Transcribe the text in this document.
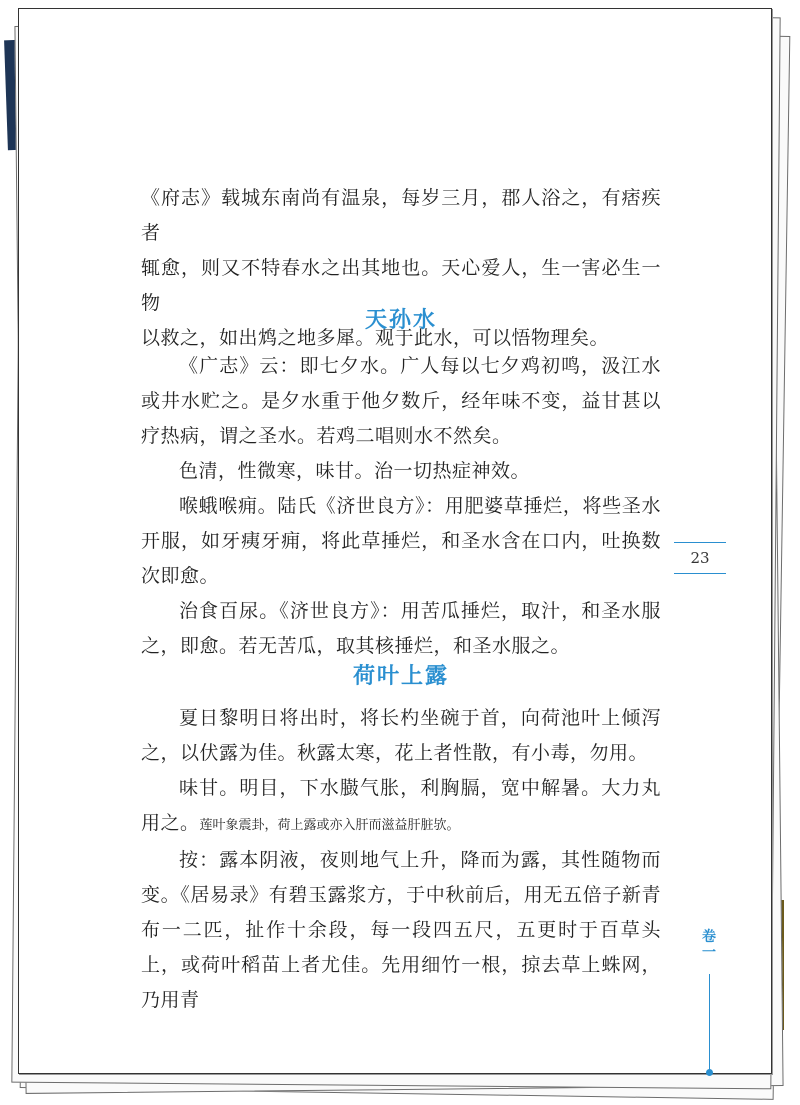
《府志》载城东南尚有温泉，每岁三月，郡人浴之，有痞疾者

辄愈，则又不特春水之出其地也。天心爱人，生一害必生一物

以救之，如出鸩之地多犀。观于此水，可以悟物理矣。

天孙水

《广志》云：即七夕水。广人每以七夕鸡初鸣，汲江水或井水贮之。是夕水重于他夕数斤，经年味不变，益甘甚以疗热病，谓之圣水。若鸡二唱则水不然矣。

色清，性微寒，味甘。治一切热症神效。

喉蛾喉痈。陆氏《济世良方》：用肥婆草捶烂，将些圣水开服，如牙痍牙痈，将此草捶烂，和圣水含在口内，吐换数次即愈。

治食百尿。《济世良方》：用苦瓜捶烂，取汁，和圣水服之，即愈。若无苦瓜，取其核捶烂，和圣水服之。

荷叶上露

夏日黎明日将出时，将长杓坐碗于首，向荷池叶上倾泻之，以伏露为佳。秋露太寒，花上者性散，有小毒，勿用。

味甘。明目，下水臌气胀，利胸膈，宽中解暑。大力丸用之。莲叶象震卦，荷上露或亦入肝而滋益肝脏欤。

按：露本阴液，夜则地气上升，降而为露，其性随物而变。《居易录》有碧玉露浆方，于中秋前后，用无五倍子新青布一二匹，扯作十余段，每一段四五尺，五更时于百草头上，或荷叶稻苗上者尤佳。先用细竹一根，掠去草上蛛网，乃用青

23
卷一
